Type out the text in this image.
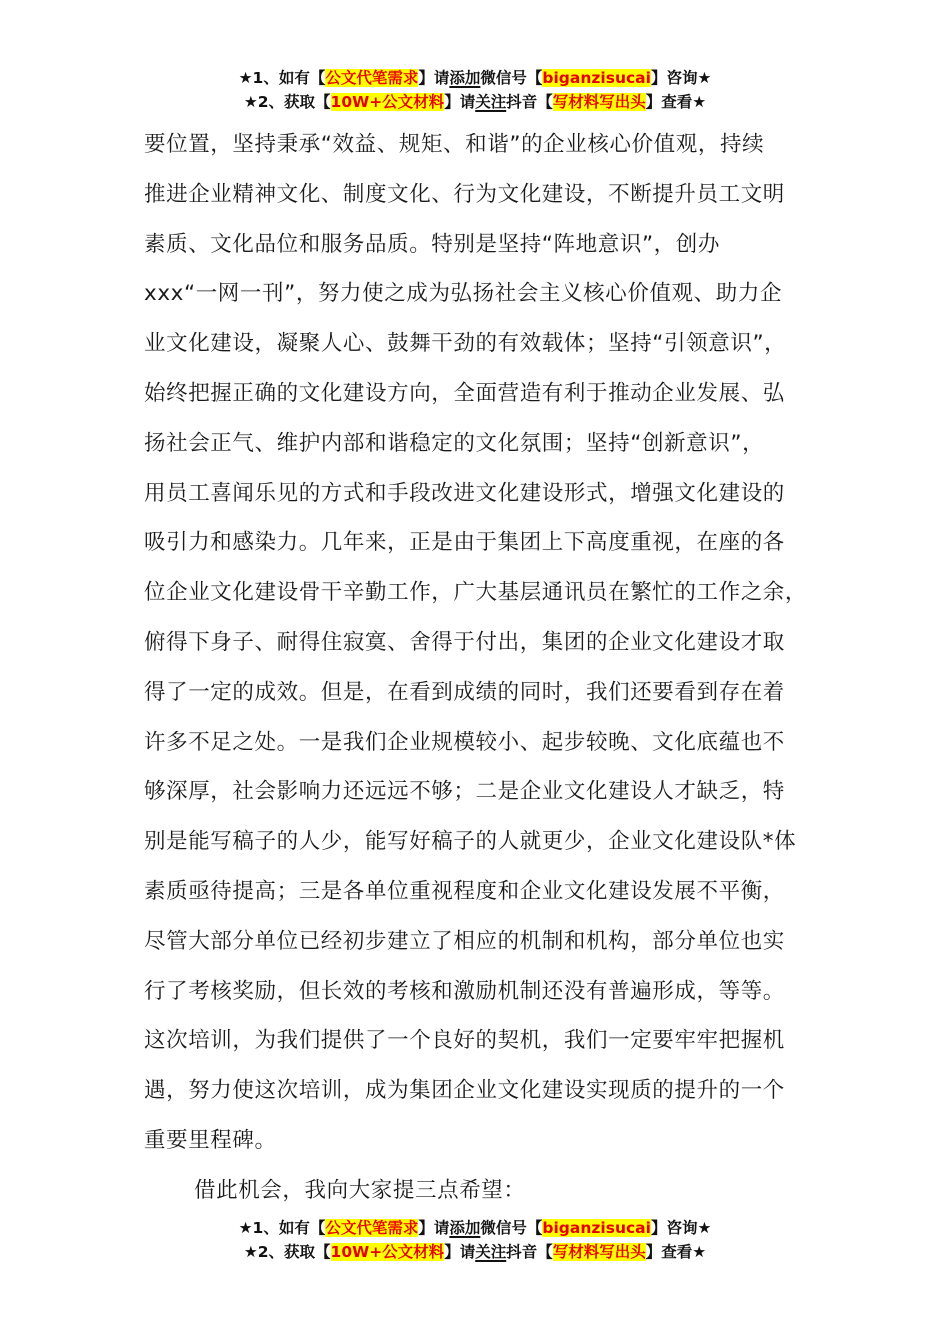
★1、如有【公文代笔需求】请添加微信号【biganzisucai】咨询★
★2、获取【10W+公文材料】请关注抖音【写材料写出头】查看★
要位置，坚持秉承“效益、规矩、和谐”的企业核心价值观，持续
推进企业精神文化、制度文化、行为文化建设，不断提升员工文明
素质、文化品位和服务品质。特别是坚持“阵地意识”，创办
xxx“一网一刊”，努力使之成为弘扬社会主义核心价值观、助力企
业文化建设，凝聚人心、鼓舞干劲的有效载体；坚持“引领意识”，
始终把握正确的文化建设方向，全面营造有利于推动企业发展、弘
扬社会正气、维护内部和谐稳定的文化氛围；坚持“创新意识”，
用员工喜闻乐见的方式和手段改进文化建设形式，增强文化建设的
吸引力和感染力。几年来，正是由于集团上下高度重视，在座的各
位企业文化建设骨干辛勤工作，广大基层通讯员在繁忙的工作之余，
俯得下身子、耐得住寂寞、舍得于付出，集团的企业文化建设才取
得了一定的成效。但是，在看到成绩的同时，我们还要看到存在着
许多不足之处。一是我们企业规模较小、起步较晚、文化底蕴也不
够深厚，社会影响力还远远不够；二是企业文化建设人才缺乏，特
别是能写稿子的人少，能写好稿子的人就更少，企业文化建设队*体
素质亟待提高；三是各单位重视程度和企业文化建设发展不平衡，
尽管大部分单位已经初步建立了相应的机制和机构，部分单位也实
行了考核奖励，但长效的考核和激励机制还没有普遍形成，等等。
这次培训，为我们提供了一个良好的契机，我们一定要牢牢把握机
遇，努力使这次培训，成为集团企业文化建设实现质的提升的一个
重要里程碑。
借此机会，我向大家提三点希望：
★1、如有【公文代笔需求】请添加微信号【biganzisucai】咨询★
★2、获取【10W+公文材料】请关注抖音【写材料写出头】查看★
